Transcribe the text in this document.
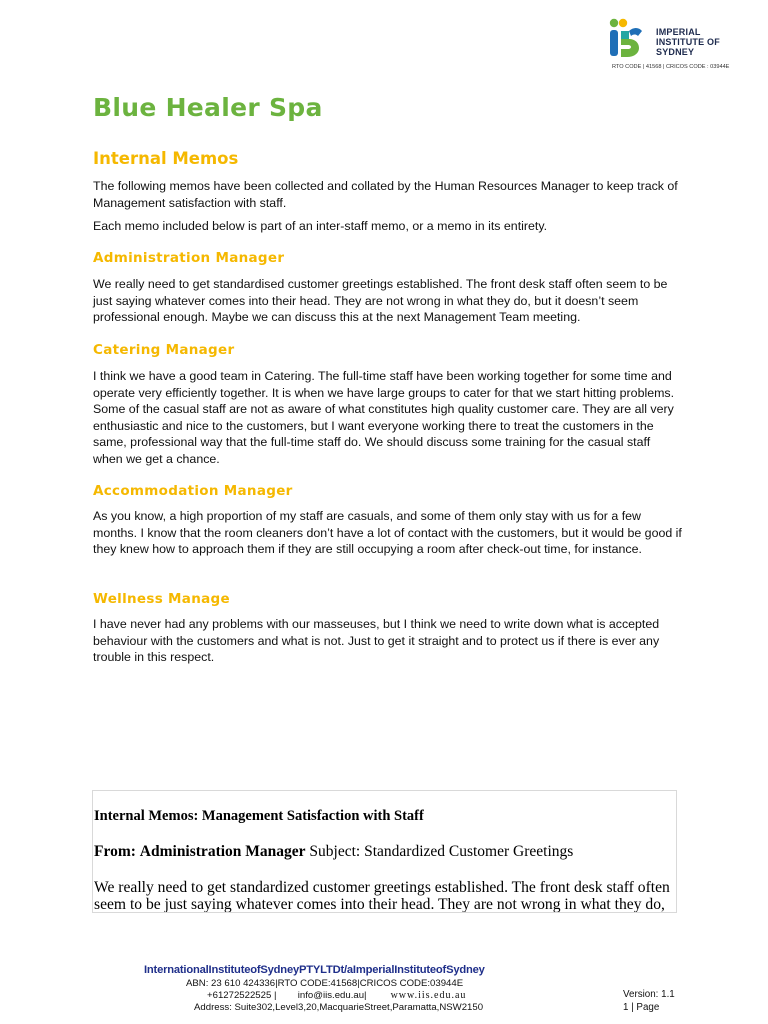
IMPERIAL
INSTITUTE OF
SYDNEY
RTO CODE | 41568 | CRICOS CODE : 03944E
Blue Healer Spa
Internal Memos

The following memos have been collected and collated by the Human Resources Manager to keep track of Management satisfaction with staff.

Each memo included below is part of an inter-staff memo, or a memo in its entirety.

Administration Manager

We really need to get standardised customer greetings established. The front desk staff often seem to be just saying whatever comes into their head. They are not wrong in what they do, but it doesn’t seem professional enough. Maybe we can discuss this at the next Management Team meeting.

Catering Manager

I think we have a good team in Catering. The full-time staff have been working together for some time and operate very efficiently together. It is when we have large groups to cater for that we start hitting problems. Some of the casual staff are not as aware of what constitutes high quality customer care. They are all very enthusiastic and nice to the customers, but I want everyone working there to treat the customers in the same, professional way that the full-time staff do. We should discuss some training for the casual staff when we get a chance.

Accommodation Manager

As you know, a high proportion of my staff are casuals, and some of them only stay with us for a few months. I know that the room cleaners don’t have a lot of contact with the customers, but it would be good if they knew how to approach them if they are still occupying a room after check-out time, for instance.

Wellness Manage

I have never had any problems with our masseuses, but I think we need to write down what is accepted behaviour with the customers and what is not. Just to get it straight and to protect us if there is ever any trouble in this respect.

Internal Memos: Management Satisfaction with Staff

From: Administration Manager Subject: Standardized Customer Greetings

We really need to get standardized customer greetings established. The front desk staff often seem to be just saying whatever comes into their head. They are not wrong in what they do,

InternationalInstituteofSydneyPTYLTDt/aImperialInstituteofSydney
ABN: 23 610 424336|RTO CODE:41568|CRICOS CODE:03944E
+61272522525 | info@iis.edu.au| www.iis.edu.au
Address: Suite302,Level3,20,MacquarieStreet,Paramatta,NSW2150
Version: 1.1
1 | Page
